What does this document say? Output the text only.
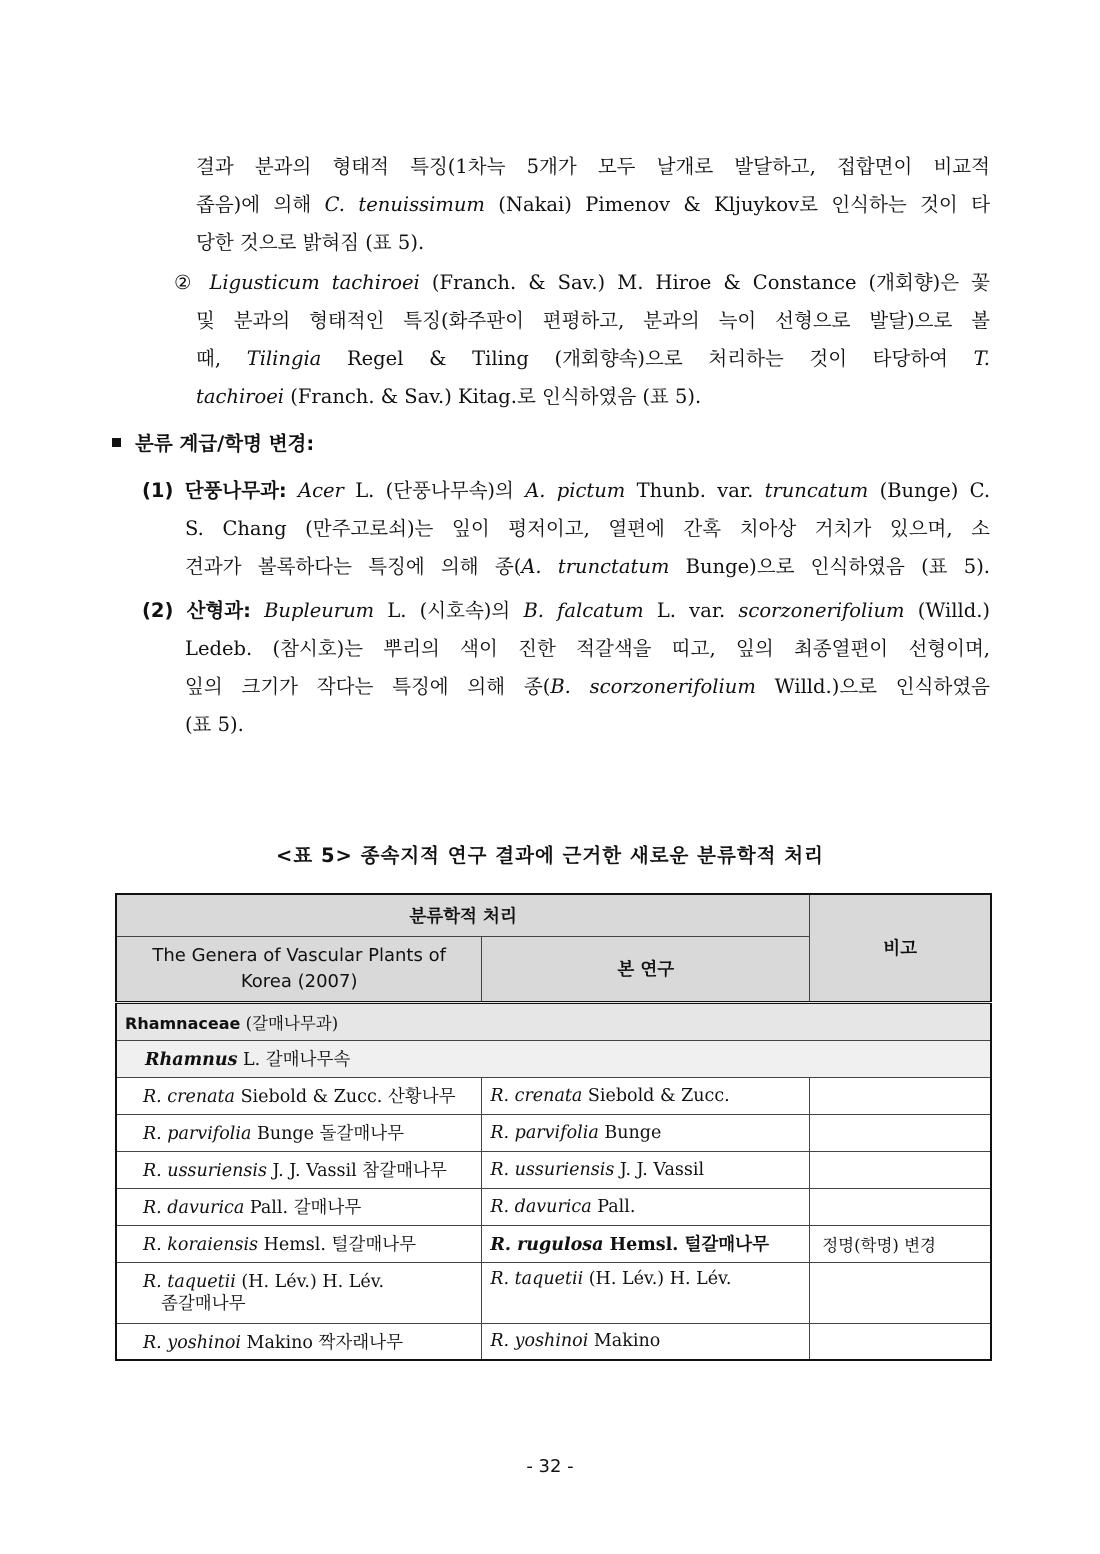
결과 분과의 형태적 특징(1차늑 5개가 모두 날개로 발달하고, 접합면이 비교적
좁음)에 의해 C. tenuissimum (Nakai) Pimenov & Kljuykov로 인식하는 것이 타
당한 것으로 밝혀짐 (표 5).
② Ligusticum tachiroei (Franch. & Sav.) M. Hiroe & Constance (개회향)은 꽃
및 분과의 형태적인 특징(화주판이 편평하고, 분과의 늑이 선형으로 발달)으로 볼
때, Tilingia Regel & Tiling (개회향속)으로 처리하는 것이 타당하여 T.
tachiroei (Franch. & Sav.) Kitag.로 인식하였음 (표 5).
분류 계급/학명 변경:
(1) 단풍나무과: Acer L. (단풍나무속)의 A. pictum Thunb. var. truncatum (Bunge) C.
S. Chang (만주고로쇠)는 잎이 평저이고, 열편에 간혹 치아상 거치가 있으며, 소
견과가 볼록하다는 특징에 의해 종(A. trunctatum Bunge)으로 인식하였음 (표 5).
(2) 산형과: Bupleurum L. (시호속)의 B. falcatum L. var. scorzonerifolium (Willd.)
Ledeb. (참시호)는 뿌리의 색이 진한 적갈색을 띠고, 잎의 최종열편이 선형이며,
잎의 크기가 작다는 특징에 의해 종(B. scorzonerifolium Willd.)으로 인식하였음
(표 5).
<표 5> 종속지적 연구 결과에 근거한 새로운 분류학적 처리
분류학적 처리		비고
The Genera of Vascular Plants of Korea (2007)	본 연구	
Rhamnaceae (갈매나무과)		
Rhamnus L. 갈매나무속		
R. crenata Siebold & Zucc. 산황나무	R. crenata Siebold & Zucc.	
R. parvifolia Bunge 돌갈매나무	R. parvifolia Bunge	
R. ussuriensis J. J. Vassil 참갈매나무	R. ussuriensis J. J. Vassil	
R. davurica Pall. 갈매나무	R. davurica Pall.	
R. koraiensis Hemsl. 털갈매나무	R. rugulosa Hemsl. 털갈매나무	정명(학명) 변경
R. taquetii (H. Lév.) H. Lév.
좀갈매나무	R. taquetii (H. Lév.) H. Lév.	
R. yoshinoi Makino 짝자래나무	R. yoshinoi Makino	
- 32 -
